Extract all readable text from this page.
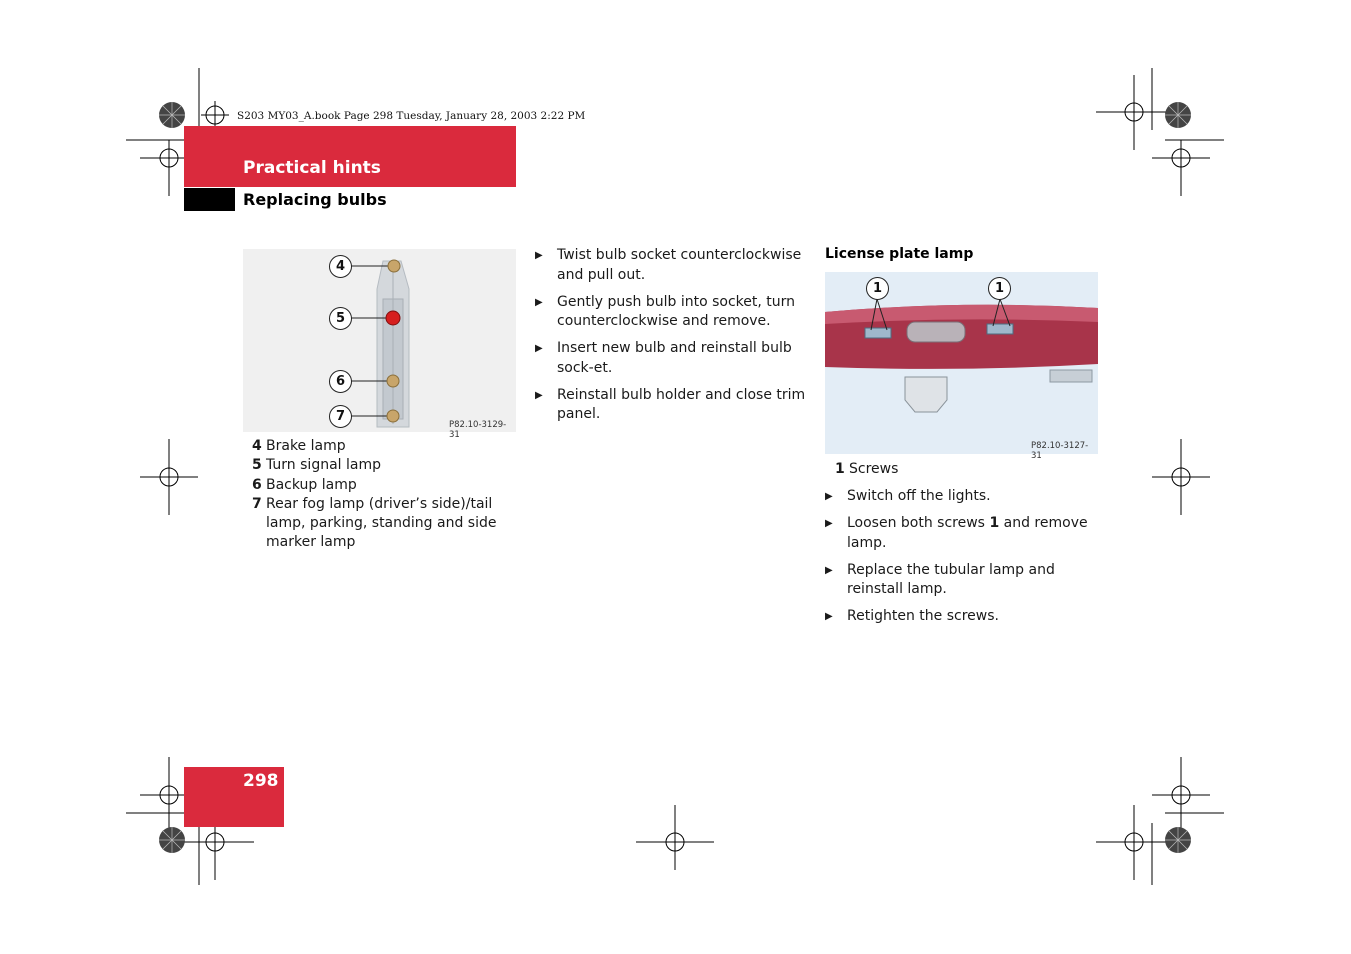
S203 MY03_A.book Page 298 Tuesday, January 28, 2003 2:22 PM
Practical hints
Replacing bulbs
4
5
6
7
P82.10-3129-31
4 Brake lamp
5 Turn signal lamp
6 Backup lamp
7 Rear fog lamp (driver’s side)/tail lamp, parking, standing and side marker lamp
▶ Twist bulb socket counterclockwise and pull out.
▶ Gently push bulb into socket, turn counterclockwise and remove.
▶ Insert new bulb and reinstall bulb sock-et.
▶ Reinstall bulb holder and close trim panel.
License plate lamp
1	1
P82.10-3127-31
1 Screws
▶ Switch off the lights.
▶ Loosen both screws 1 and remove lamp.
▶ Replace the tubular lamp and reinstall lamp.
▶ Retighten the screws.
298
